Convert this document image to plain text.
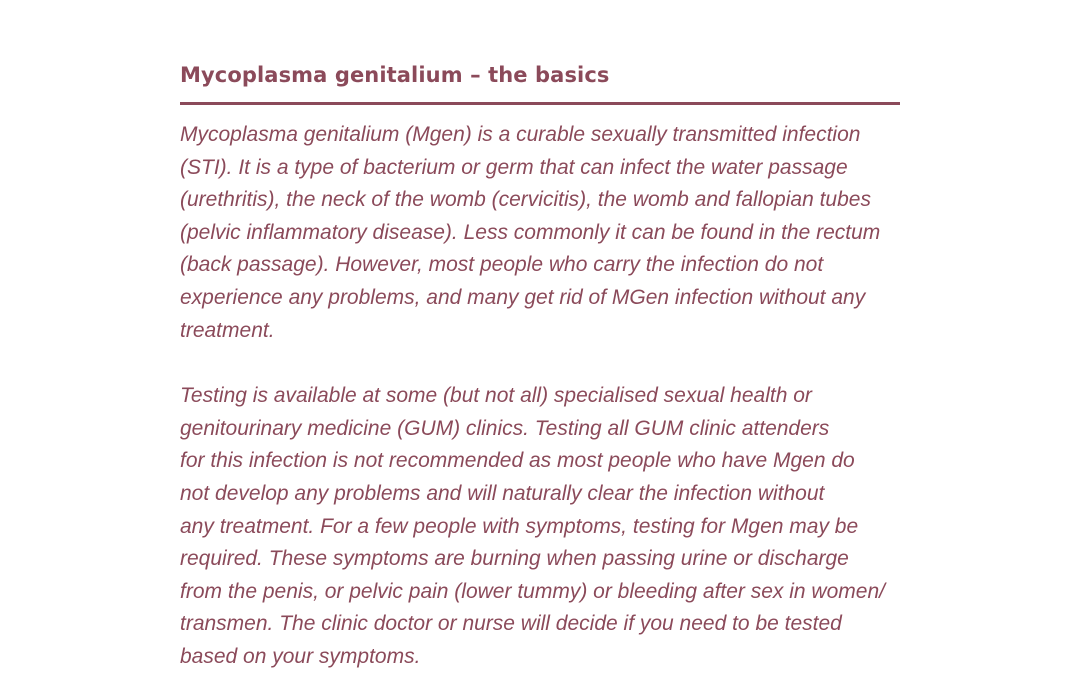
Mycoplasma genitalium – the basics
Mycoplasma genitalium (Mgen) is a curable sexually transmitted infection
(STI). It is a type of bacterium or germ that can infect the water passage
(urethritis), the neck of the womb (cervicitis), the womb and fallopian tubes
(pelvic inflammatory disease). Less commonly it can be found in the rectum
(back passage). However, most people who carry the infection do not
experience any problems, and many get rid of MGen infection without any
treatment.
Testing is available at some (but not all) specialised sexual health or
genitourinary medicine (GUM) clinics. Testing all GUM clinic attenders
for this infection is not recommended as most people who have Mgen do
not develop any problems and will naturally clear the infection without
any treatment. For a few people with symptoms, testing for Mgen may be
required. These symptoms are burning when passing urine or discharge
from the penis, or pelvic pain (lower tummy) or bleeding after sex in women/
transmen. The clinic doctor or nurse will decide if you need to be tested
based on your symptoms.
